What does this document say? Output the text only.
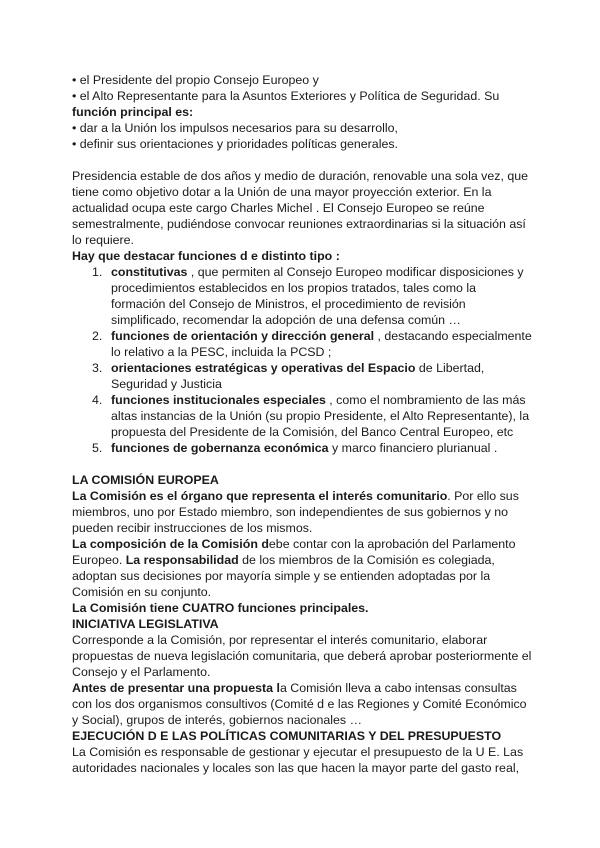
• el Presidente del propio Consejo Europeo y
• el Alto Representante para la Asuntos Exteriores y Política de Seguridad. Su

función principal es:

• dar a la Unión los impulsos necesarios para su desarrollo,
• definir sus orientaciones y prioridades políticas generales.

Presidencia estable de dos años y medio de duración, renovable una sola vez, que tiene como objetivo dotar a la Unión de una mayor proyección exterior. En la actualidad ocupa este cargo Charles Michel . El Consejo Europeo se reúne semestralmente, pudiéndose convocar reuniones extraordinarias si la situación así lo requiere.

Hay que destacar funciones d e distinto tipo :

1. constitutivas , que permiten al Consejo Europeo modificar disposiciones y procedimientos establecidos en los propios tratados, tales como la formación del Consejo de Ministros, el procedimiento de revisión simplificado, recomendar la adopción de una defensa común …
2. funciones de orientación y dirección general , destacando especialmente lo relativo a la PESC, incluida la PCSD ;
3. orientaciones estratégicas y operativas del Espacio de Libertad, Seguridad y Justicia
4. funciones institucionales especiales , como el nombramiento de las más altas instancias de la Unión (su propio Presidente, el Alto Representante), la propuesta del Presidente de la Comisión, del Banco Central Europeo, etc
5. funciones de gobernanza económica y marco financiero plurianual .

LA COMISIÓN EUROPEA

La Comisión es el órgano que representa el interés comunitario. Por ello sus miembros, uno por Estado miembro, son independientes de sus gobiernos y no pueden recibir instrucciones de los mismos.

La composición de la Comisión debe contar con la aprobación del Parlamento Europeo. La responsabilidad de los miembros de la Comisión es colegiada, adoptan sus decisiones por mayoría simple y se entienden adoptadas por la Comisión en su conjunto.

La Comisión tiene CUATRO funciones principales.

INICIATIVA LEGISLATIVA

Corresponde a la Comisión, por representar el interés comunitario, elaborar propuestas de nueva legislación comunitaria, que deberá aprobar posteriormente el Consejo y el Parlamento.

Antes de presentar una propuesta la Comisión lleva a cabo intensas consultas con los dos organismos consultivos (Comité d e las Regiones y Comité Económico y Social), grupos de interés, gobiernos nacionales …

EJECUCIÓN D E LAS POLÍTICAS COMUNITARIAS Y DEL PRESUPUESTO

La Comisión es responsable de gestionar y ejecutar el presupuesto de la U E. Las autoridades nacionales y locales son las que hacen la mayor parte del gasto real,
